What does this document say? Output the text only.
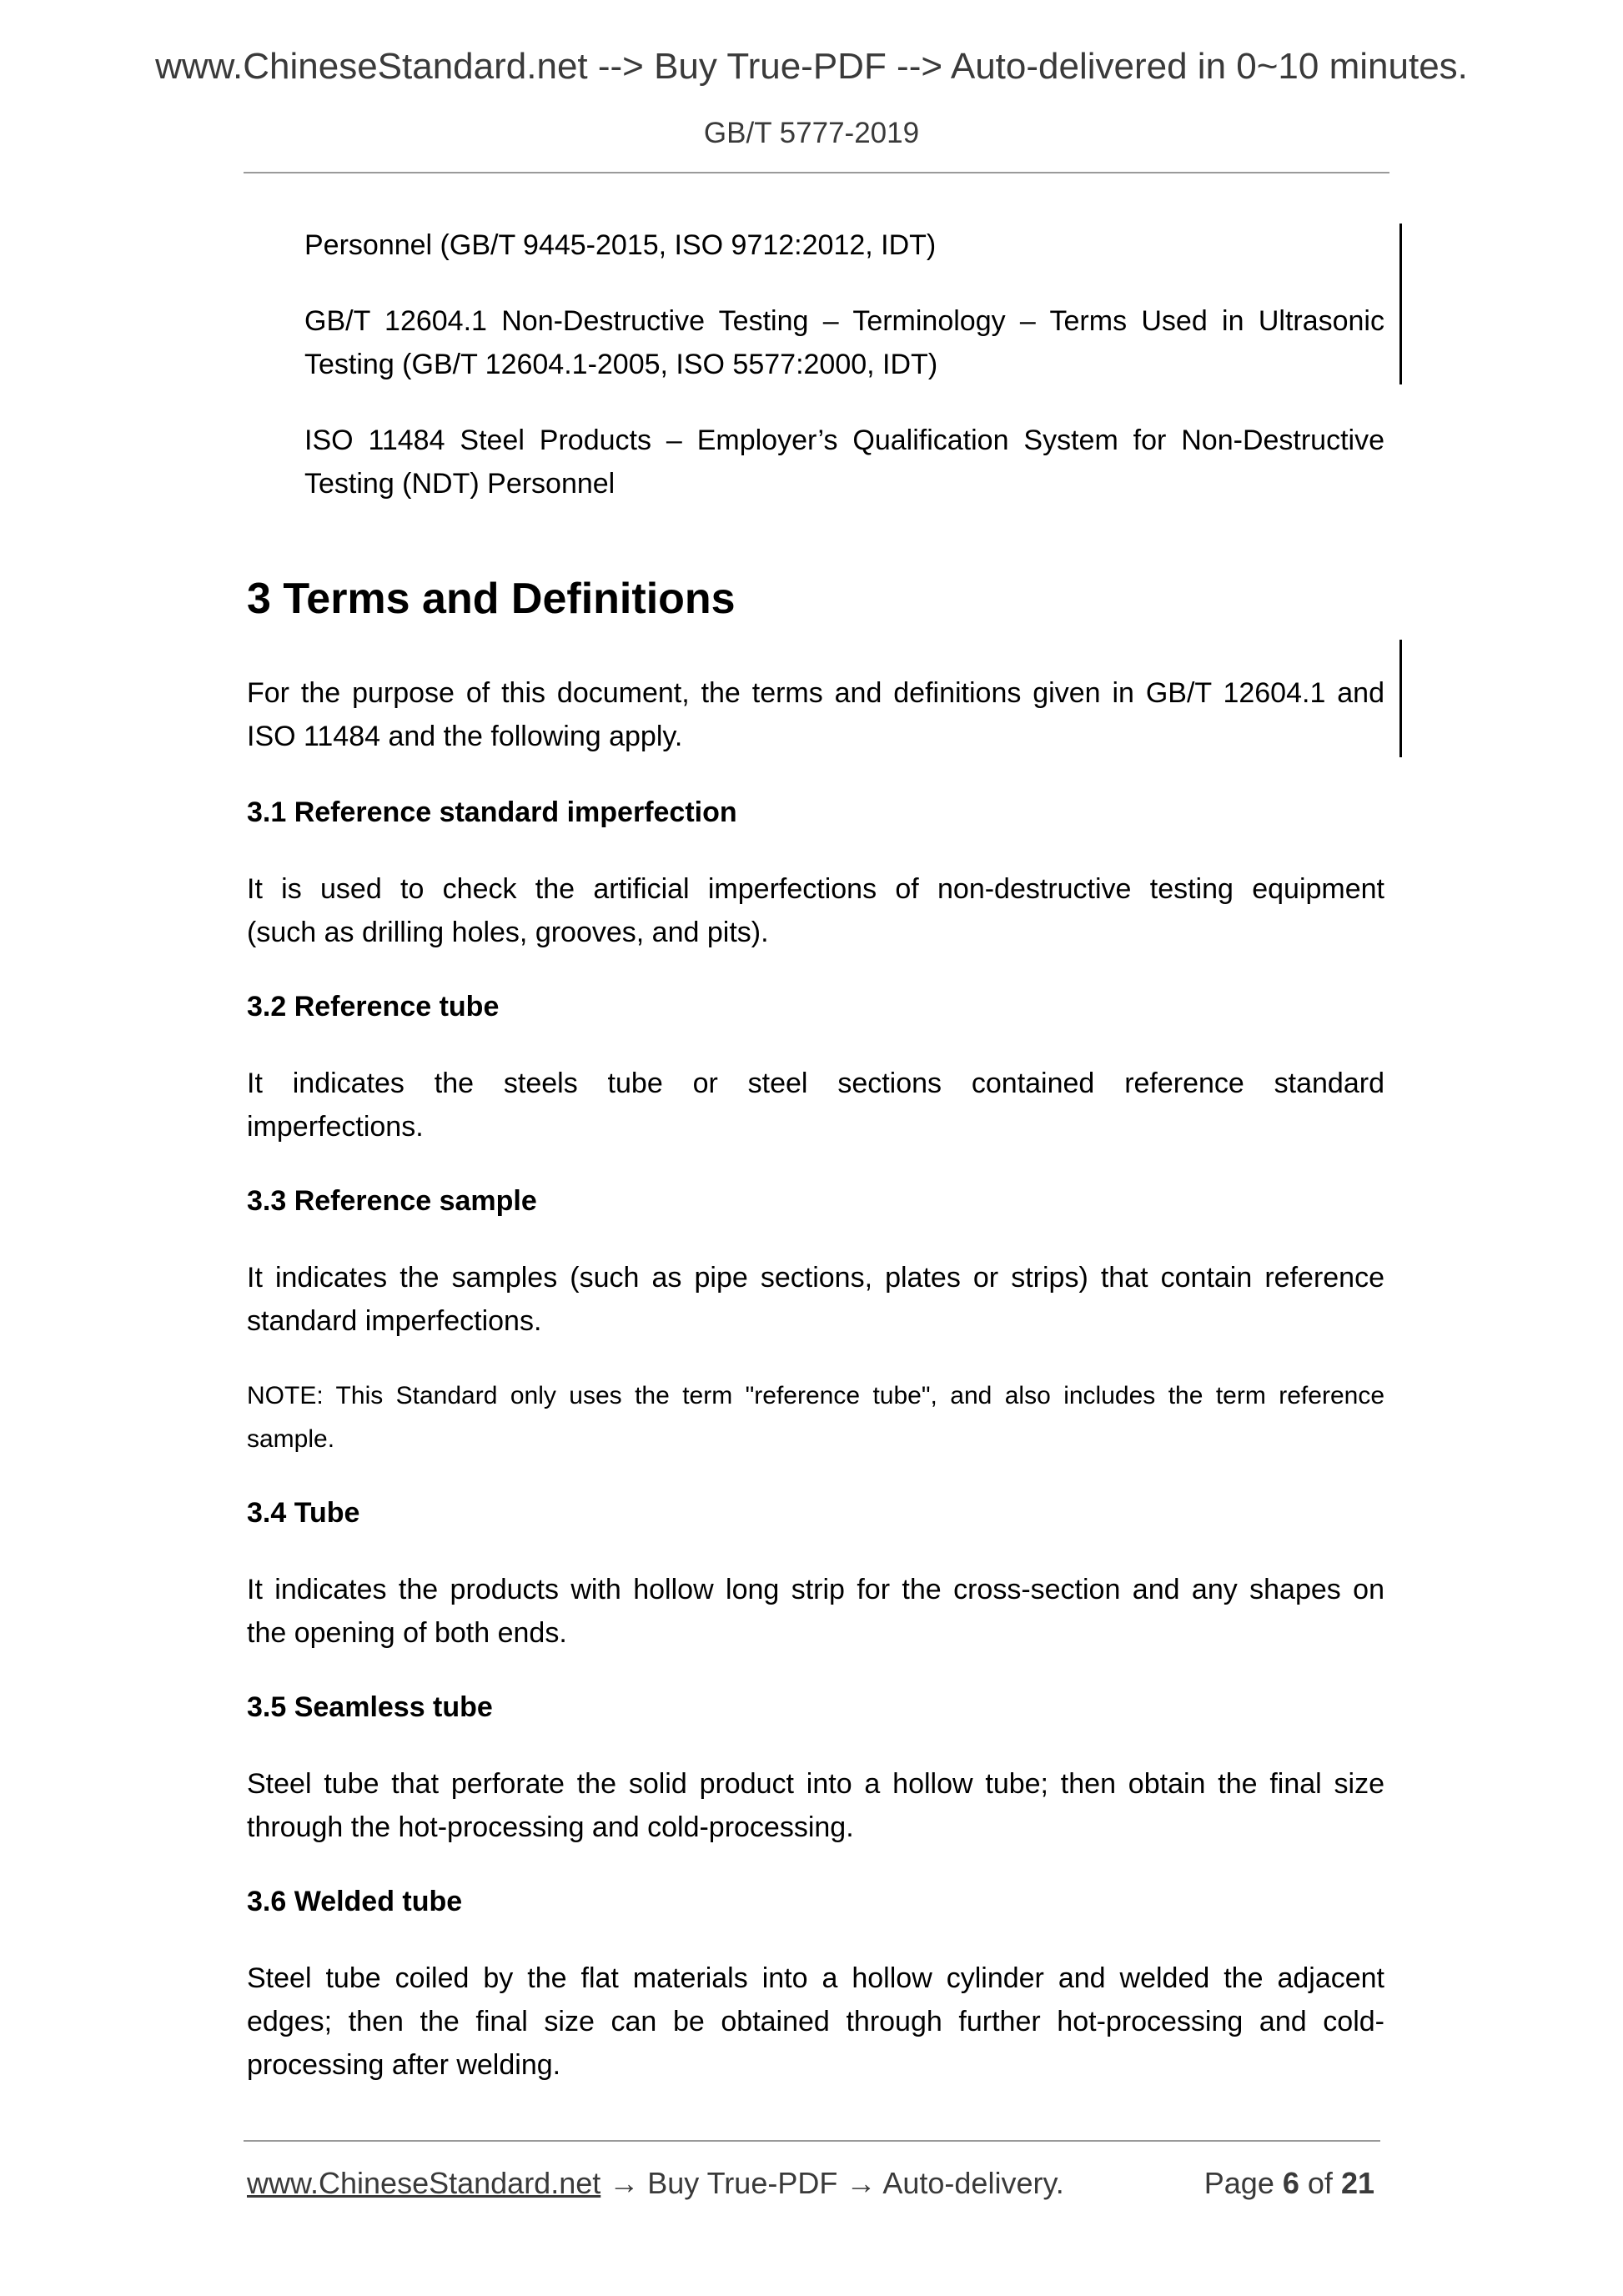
www.ChineseStandard.net --> Buy True-PDF --> Auto-delivered in 0~10 minutes.
GB/T 5777-2019
Personnel (GB/T 9445-2015, ISO 9712:2012, IDT)
GB/T 12604.1 Non-Destructive Testing – Terminology – Terms Used in Ultrasonic
Testing (GB/T 12604.1-2005, ISO 5577:2000, IDT)
ISO 11484 Steel Products – Employer’s Qualification System for Non-Destructive
Testing (NDT) Personnel
3 Terms and Definitions
For the purpose of this document, the terms and definitions given in GB/T 12604.1 and
ISO 11484 and the following apply.
3.1 Reference standard imperfection
It is used to check the artificial imperfections of non-destructive testing equipment
(such as drilling holes, grooves, and pits).
3.2 Reference tube
It indicates the steels tube or steel sections contained reference standard
imperfections.
3.3 Reference sample
It indicates the samples (such as pipe sections, plates or strips) that contain reference
standard imperfections.
NOTE: This Standard only uses the term "reference tube", and also includes the term reference
sample.
3.4 Tube
It indicates the products with hollow long strip for the cross-section and any shapes on
the opening of both ends.
3.5 Seamless tube
Steel tube that perforate the solid product into a hollow tube; then obtain the final size
through the hot-processing and cold-processing.
3.6 Welded tube
Steel tube coiled by the flat materials into a hollow cylinder and welded the adjacent
edges; then the final size can be obtained through further hot-processing and cold-
processing after welding.
www.ChineseStandard.net → Buy True-PDF → Auto-delivery.	Page 6 of 21
